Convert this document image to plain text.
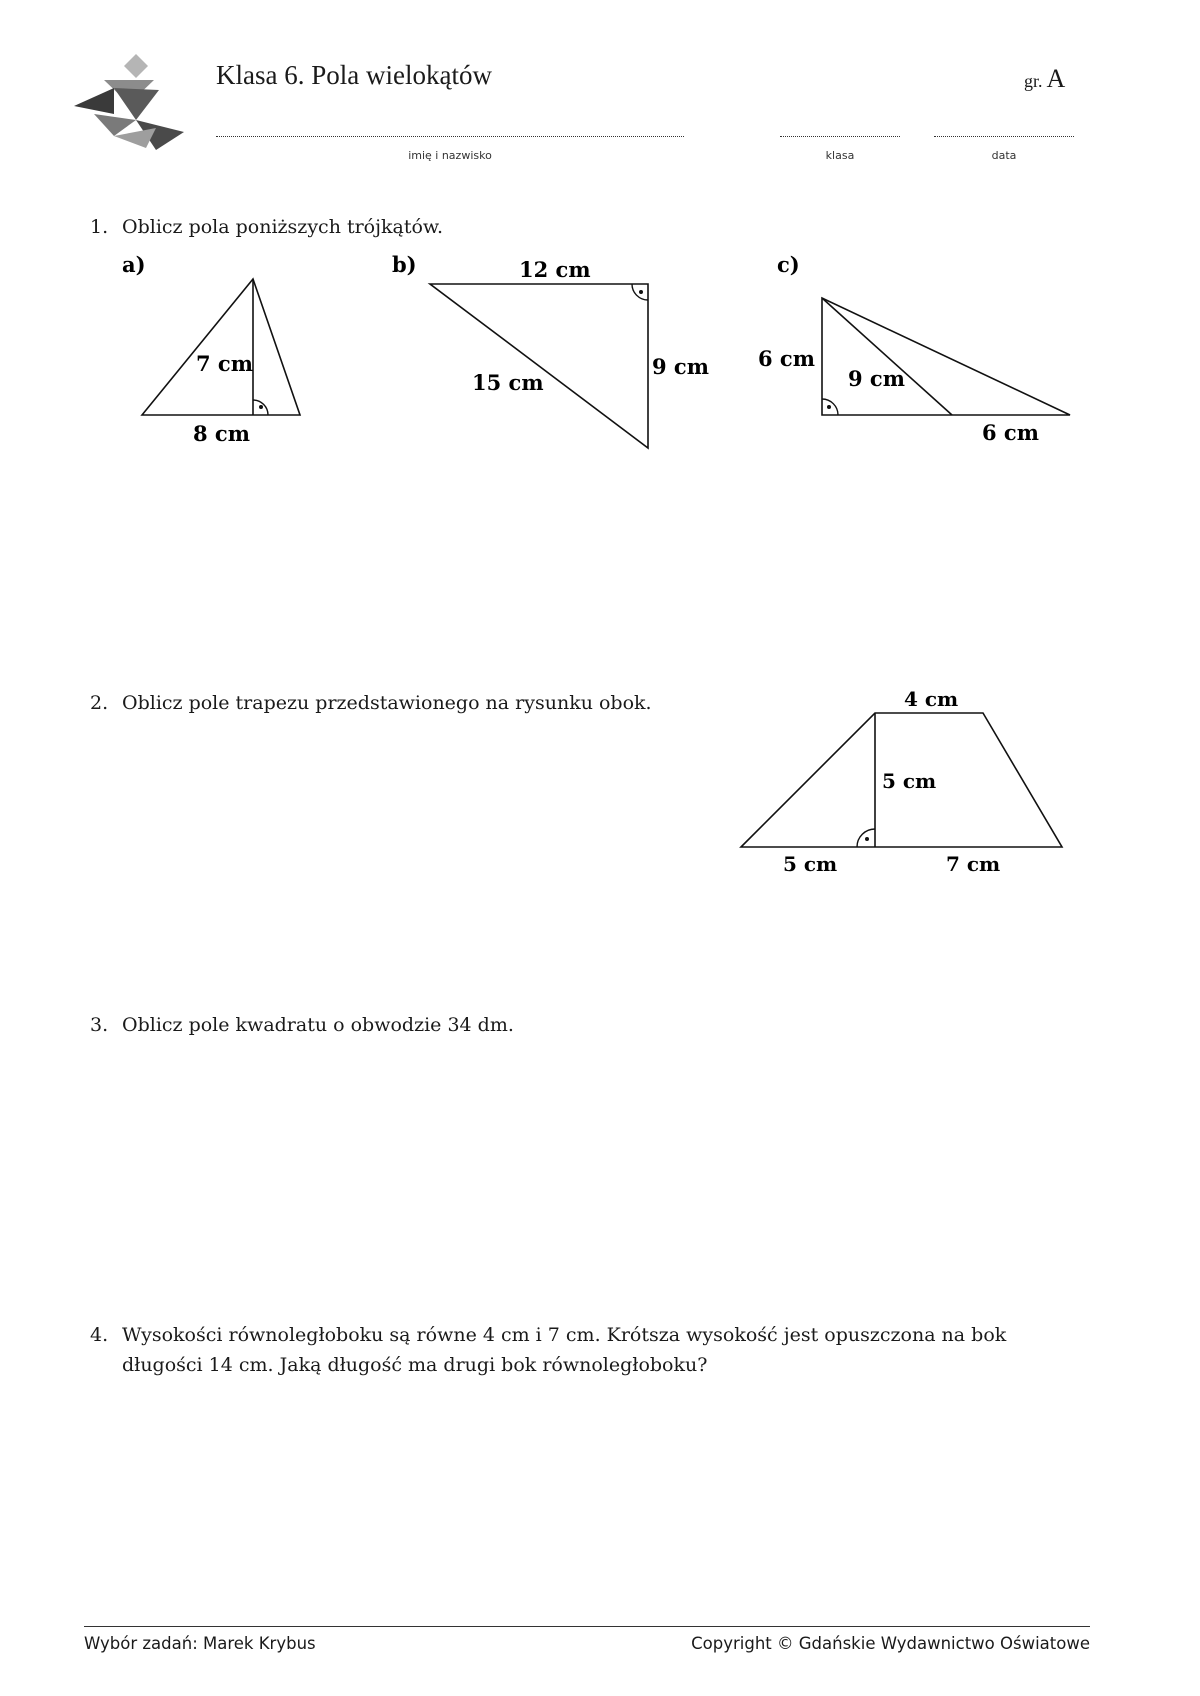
Klasa 6. Pola wielokątów	gr. A
imię i nazwisko	klasa	data
1. Oblicz pola poniższych trójkątów.
a)
7 cm
8 cm
b)	12 cm
15 cm
9 cm
c)
6 cm
9 cm
6 cm
2. Oblicz pole trapezu przedstawionego na rysunku obok.	4 cm
5 cm
5 cm	7 cm
3. Oblicz pole kwadratu o obwodzie 34 dm.
4. Wysokości równoległoboku są równe 4 cm i 7 cm. Krótsza wysokość jest opuszczona na bok
długości 14 cm. Jaką długość ma drugi bok równoległoboku?
Wybór zadań: Marek Krybus	Copyright © Gdańskie Wydawnictwo Oświatowe
